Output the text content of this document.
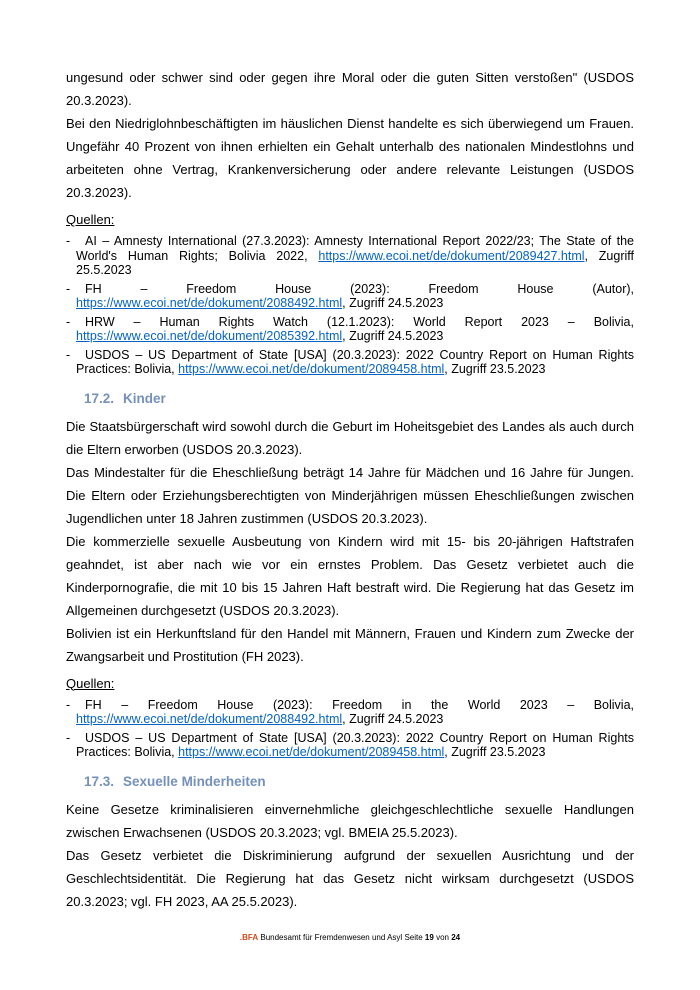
ungesund oder schwer sind oder gegen ihre Moral oder die guten Sitten verstoßen" (USDOS 20.3.2023).

Bei den Niedriglohnbeschäftigten im häuslichen Dienst handelte es sich überwiegend um Frauen. Ungefähr 40 Prozent von ihnen erhielten ein Gehalt unterhalb des nationalen Mindestlohns und arbeiteten ohne Vertrag, Krankenversicherung oder andere relevante Leistungen (USDOS 20.3.2023).

Quellen:
- AI – Amnesty International (27.3.2023): Amnesty International Report 2022/23; The State of the World's Human Rights; Bolivia 2022, https://www.ecoi.net/de/dokument/2089427.html, Zugriff 25.5.2023
- FH – Freedom House (2023): Freedom House (Autor), https://www.ecoi.net/de/dokument/2088492.html, Zugriff 24.5.2023
- HRW – Human Rights Watch (12.1.2023): World Report 2023 – Bolivia, https://www.ecoi.net/de/dokument/2085392.html, Zugriff 24.5.2023
- USDOS – US Department of State [USA] (20.3.2023): 2022 Country Report on Human Rights Practices: Bolivia, https://www.ecoi.net/de/dokument/2089458.html, Zugriff 23.5.2023
17.2. Kinder

Die Staatsbürgerschaft wird sowohl durch die Geburt im Hoheitsgebiet des Landes als auch durch die Eltern erworben (USDOS 20.3.2023).

Das Mindestalter für die Eheschließung beträgt 14 Jahre für Mädchen und 16 Jahre für Jungen. Die Eltern oder Erziehungsberechtigten von Minderjährigen müssen Eheschließungen zwischen Jugendlichen unter 18 Jahren zustimmen (USDOS 20.3.2023).

Die kommerzielle sexuelle Ausbeutung von Kindern wird mit 15- bis 20-jährigen Haftstrafen geahndet, ist aber nach wie vor ein ernstes Problem. Das Gesetz verbietet auch die Kinderpornografie, die mit 10 bis 15 Jahren Haft bestraft wird. Die Regierung hat das Gesetz im Allgemeinen durchgesetzt (USDOS 20.3.2023).

Bolivien ist ein Herkunftsland für den Handel mit Männern, Frauen und Kindern zum Zwecke der Zwangsarbeit und Prostitution (FH 2023).

Quellen:
- FH – Freedom House (2023): Freedom in the World 2023 – Bolivia, https://www.ecoi.net/de/dokument/2088492.html, Zugriff 24.5.2023
- USDOS – US Department of State [USA] (20.3.2023): 2022 Country Report on Human Rights Practices: Bolivia, https://www.ecoi.net/de/dokument/2089458.html, Zugriff 23.5.2023
17.3. Sexuelle Minderheiten

Keine Gesetze kriminalisieren einvernehmliche gleichgeschlechtliche sexuelle Handlungen zwischen Erwachsenen (USDOS 20.3.2023; vgl. BMEIA 25.5.2023).

Das Gesetz verbietet die Diskriminierung aufgrund der sexuellen Ausrichtung und der Geschlechtsidentität. Die Regierung hat das Gesetz nicht wirksam durchgesetzt (USDOS 20.3.2023; vgl. FH 2023, AA 25.5.2023).

.BFA Bundesamt für Fremdenwesen und Asyl Seite 19 von 24
